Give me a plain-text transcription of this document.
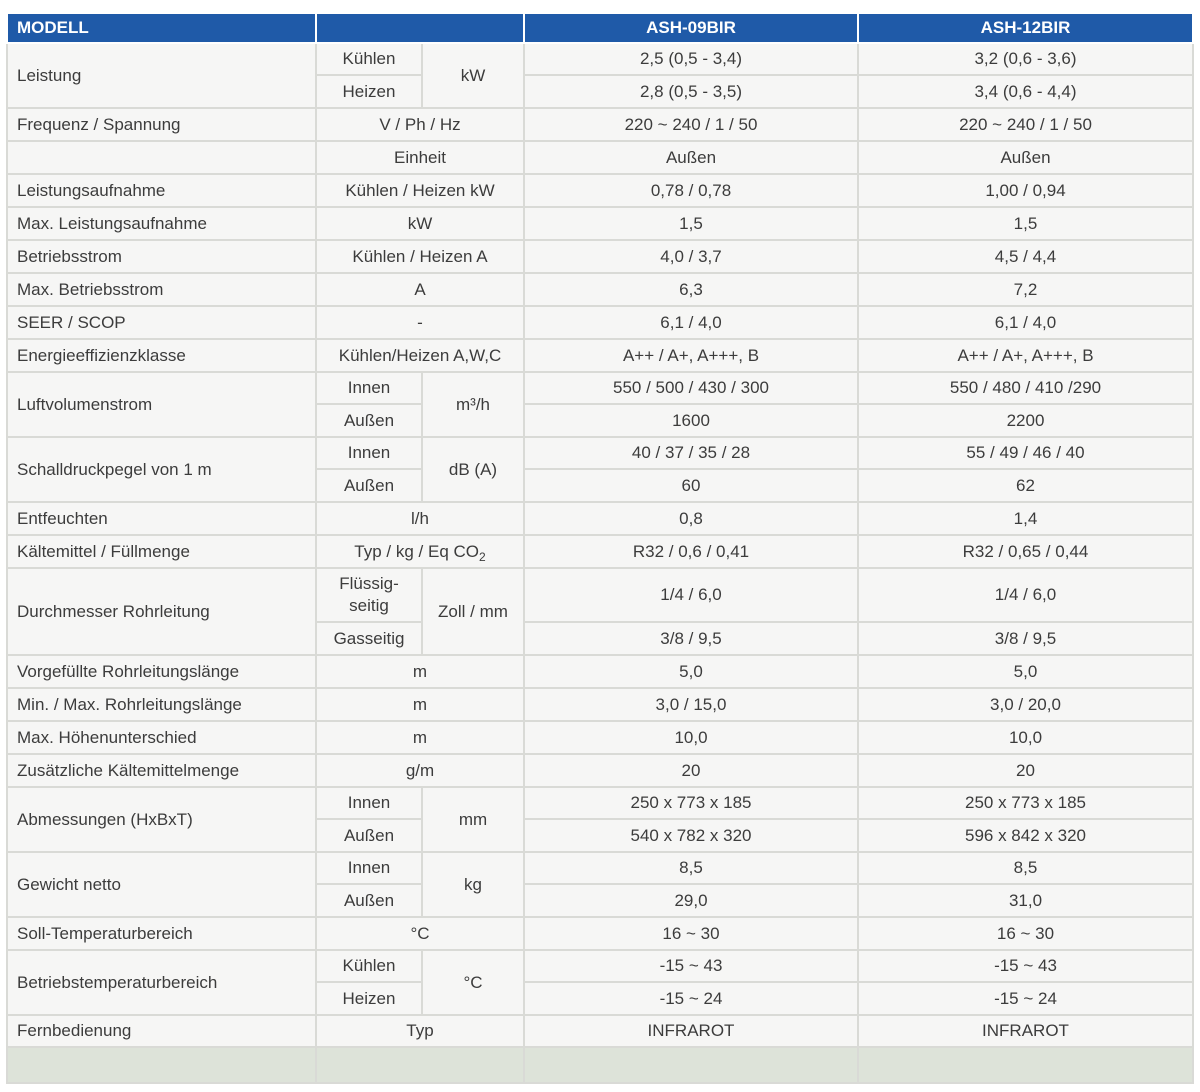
MODELL			ASH-09BIR	ASH-12BIR
Leistung	Kühlen	kW	2,5 (0,5 - 3,4)	3,2 (0,6 - 3,6)
	Heizen		2,8 (0,5 - 3,5)	3,4 (0,6 - 4,4)
Frequenz / Spannung	V / Ph / Hz		220 ~ 240 / 1 / 50	220 ~ 240 / 1 / 50
	Einheit		Außen	Außen
Leistungsaufnahme	Kühlen / Heizen kW		0,78 / 0,78	1,00 / 0,94
Max. Leistungsaufnahme	kW		1,5	1,5
Betriebsstrom	Kühlen / Heizen A		4,0 / 3,7	4,5 / 4,4
Max. Betriebsstrom	A		6,3	7,2
SEER / SCOP	-		6,1 / 4,0	6,1 / 4,0
Energieeffizienzklasse	Kühlen/Heizen A,W,C		A++ / A+, A+++, B	A++ / A+, A+++, B
Luftvolumenstrom	Innen	m³/h	550 / 500 / 430 / 300	550 / 480 / 410 /290
	Außen		1600	2200
Schalldruckpegel von 1 m	Innen	dB (A)	40 / 37 / 35 / 28	55 / 49 / 46 / 40
	Außen		60	62
Entfeuchten	l/h		0,8	1,4
Kältemittel / Füllmenge	Typ / kg / Eq $CO_2$		R32 / 0,6 / 0,41	R32 / 0,65 / 0,44
Durchmesser Rohrleitung	Flüssig-seitig	Zoll / mm	1/4 / 6,0	1/4 / 6,0
	Gasseitig		3/8 / 9,5	3/8 / 9,5
Vorgefüllte Rohrleitungslänge	m		5,0	5,0
Min. / Max. Rohrleitungslänge	m		3,0 / 15,0	3,0 / 20,0
Max. Höhenunterschied	m		10,0	10,0
Zusätzliche Kältemittelmenge	g/m		20	20
Abmessungen (HxBxT)	Innen	mm	250 x 773 x 185	250 x 773 x 185
	Außen		540 x 782 x 320	596 x 842 x 320
Gewicht netto	Innen	kg	8,5	8,5
	Außen		29,0	31,0
Soll-Temperaturbereich	°C		16 ~ 30	16 ~ 30
Betriebstemperaturbereich	Kühlen	°C	-15 ~ 43	-15 ~ 43
	Heizen		-15 ~ 24	-15 ~ 24
Fernbedienung	Typ		INFRAROT	INFRAROT
